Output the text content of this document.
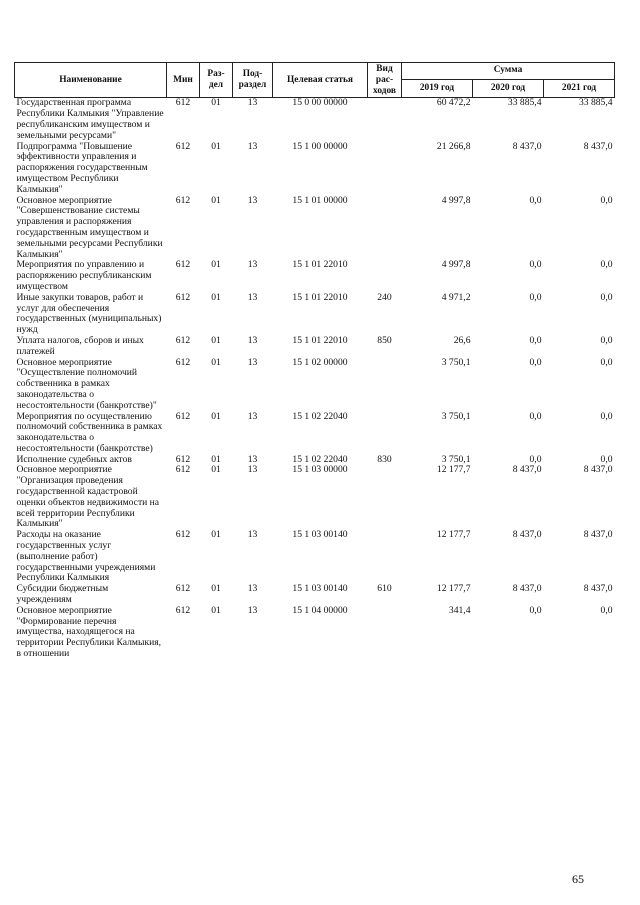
Наименование	Мин	Раз-дел	Под-раздел	Целевая статья	Вид рас-ходов	Сумма		
						2019 год	2020 год	2021 год
Государственная программа Республики Калмыкия "Управление республиканским имуществом и земельными ресурсами"	612	01	13	15 0 00 00000		60 472,2	33 885,4	33 885,4
Подпрограмма "Повышение эффективности управления и распоряжения государственным имуществом Республики Калмыкия"	612	01	13	15 1 00 00000		21 266,8	8 437,0	8 437,0
Основное мероприятие "Совершенствование системы управления и распоряжения государственным имуществом и земельными ресурсами Республики Калмыкия"	612	01	13	15 1 01 00000		4 997,8	0,0	0,0
Мероприятия по управлению и распоряжению республиканским имуществом	612	01	13	15 1 01 22010		4 997,8	0,0	0,0
Иные закупки товаров, работ и услуг для обеспечения государственных (муниципальных) нужд	612	01	13	15 1 01 22010	240	4 971,2	0,0	0,0
Уплата налогов, сборов и иных платежей	612	01	13	15 1 01 22010	850	26,6	0,0	0,0
Основное мероприятие "Осуществление полномочий собственника в рамках законодательства о несостоятельности (банкротстве)"	612	01	13	15 1 02 00000		3 750,1	0,0	0,0
Мероприятия по осуществлению полномочий собственника в рамках законодательства о несостоятельности (банкротстве)	612	01	13	15 1 02 22040		3 750,1	0,0	0,0
Исполнение судебных актов	612	01	13	15 1 02 22040	830	3 750,1	0,0	0,0
Основное мероприятие "Организация проведения государственной кадастровой оценки объектов недвижимости на всей территории Республики Калмыкия"	612	01	13	15 1 03 00000		12 177,7	8 437,0	8 437,0
Расходы на оказание государственных услуг (выполнение работ) государственными учреждениями Республики Калмыкия	612	01	13	15 1 03 00140		12 177,7	8 437,0	8 437,0
Субсидии бюджетным учреждениям	612	01	13	15 1 03 00140	610	12 177,7	8 437,0	8 437,0
Основное мероприятие "Формирование перечня имущества, находящегося на территории Республики Калмыкия, в отношении	612	01	13	15 1 04 00000		341,4	0,0	0,0
65
